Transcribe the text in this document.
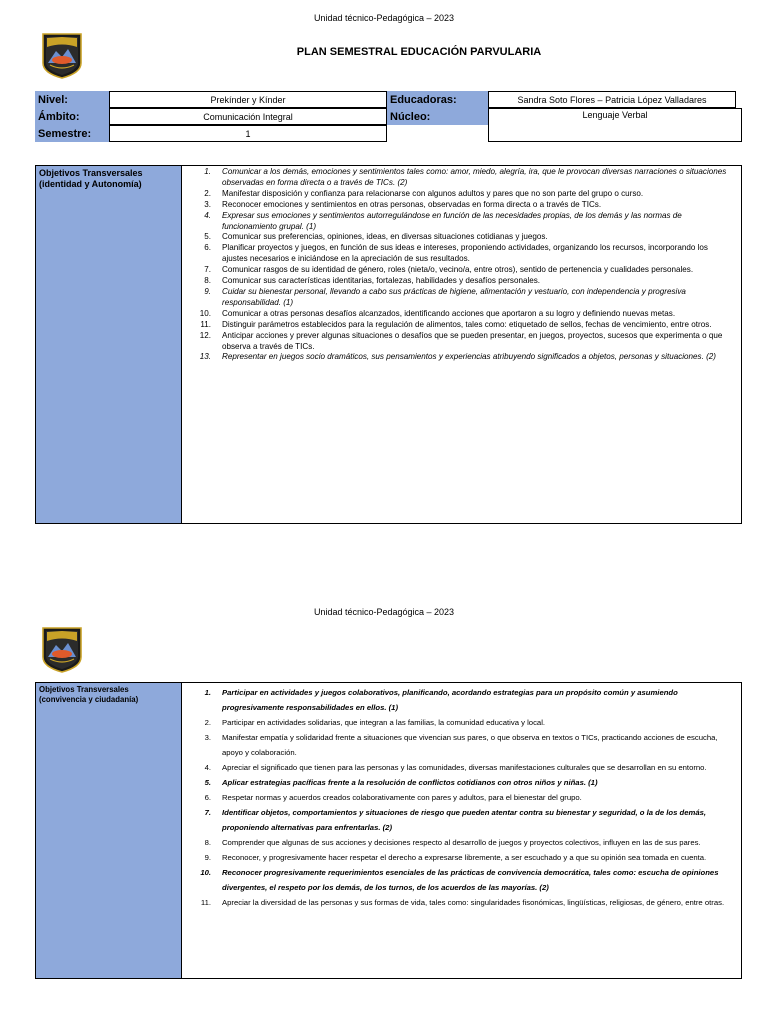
Unidad técnico-Pedagógica – 2023
PLAN SEMESTRAL EDUCACIÓN PARVULARIA
Nivel:	Prekínder y Kínder
Ámbito:	Comunicación Integral
Semestre:	1
Educadoras:	Sandra Soto Flores – Patricia López Valladares
Núcleo:	Lenguaje Verbal
Objetivos Transversales (identidad y Autonomía)
1. Comunicar a los demás, emociones y sentimientos tales como: amor, miedo, alegría, ira, que le provocan diversas narraciones o situaciones observadas en forma directa o a través de TICs. (2)
2. Manifestar disposición y confianza para relacionarse con algunos adultos y pares que no son parte del grupo o curso.
3. Reconocer emociones y sentimientos en otras personas, observadas en forma directa o a través de TICs.
4. Expresar sus emociones y sentimientos autorregulándose en función de las necesidades propias, de los demás y las normas de funcionamiento grupal. (1)
5. Comunicar sus preferencias, opiniones, ideas, en diversas situaciones cotidianas y juegos.
6. Planificar proyectos y juegos, en función de sus ideas e intereses, proponiendo actividades, organizando los recursos, incorporando los ajustes necesarios e iniciándose en la apreciación de sus resultados.
7. Comunicar rasgos de su identidad de género, roles (nieta/o, vecino/a, entre otros), sentido de pertenencia y cualidades personales.
8. Comunicar sus características identitarias, fortalezas, habilidades y desafíos personales.
9. Cuidar su bienestar personal, llevando a cabo sus prácticas de higiene, alimentación y vestuario, con independencia y progresiva responsabilidad. (1)
10. Comunicar a otras personas desafíos alcanzados, identificando acciones que aportaron a su logro y definiendo nuevas metas.
11. Distinguir parámetros establecidos para la regulación de alimentos, tales como: etiquetado de sellos, fechas de vencimiento, entre otros.
12. Anticipar acciones y prever algunas situaciones o desafíos que se pueden presentar, en juegos, proyectos, sucesos que experimenta o que observa a través de TICs.
13. Representar en juegos socio dramáticos, sus pensamientos y experiencias atribuyendo significados a objetos, personas y situaciones. (2)
Unidad técnico-Pedagógica – 2023
Objetivos Transversales (convivencia y ciudadanía)
1. Participar en actividades y juegos colaborativos, planificando, acordando estrategias para un propósito común y asumiendo progresivamente responsabilidades en ellos. (1)
2. Participar en actividades solidarias, que integran a las familias, la comunidad educativa y local.
3. Manifestar empatía y solidaridad frente a situaciones que vivencian sus pares, o que observa en textos o TICs, practicando acciones de escucha, apoyo y colaboración.
4. Apreciar el significado que tienen para las personas y las comunidades, diversas manifestaciones culturales que se desarrollan en su entorno.
5. Aplicar estrategias pacíficas frente a la resolución de conflictos cotidianos con otros niños y niñas. (1)
6. Respetar normas y acuerdos creados colaborativamente con pares y adultos, para el bienestar del grupo.
7. Identificar objetos, comportamientos y situaciones de riesgo que pueden atentar contra su bienestar y seguridad, o la de los demás, proponiendo alternativas para enfrentarlas. (2)
8. Comprender que algunas de sus acciones y decisiones respecto al desarrollo de juegos y proyectos colectivos, influyen en las de sus pares.
9. Reconocer, y progresivamente hacer respetar el derecho a expresarse libremente, a ser escuchado y a que su opinión sea tomada en cuenta.
10. Reconocer progresivamente requerimientos esenciales de las prácticas de convivencia democrática, tales como: escucha de opiniones divergentes, el respeto por los demás, de los turnos, de los acuerdos de las mayorías. (2)
11. Apreciar la diversidad de las personas y sus formas de vida, tales como: singularidades fisonómicas, lingüísticas, religiosas, de género, entre otras.
